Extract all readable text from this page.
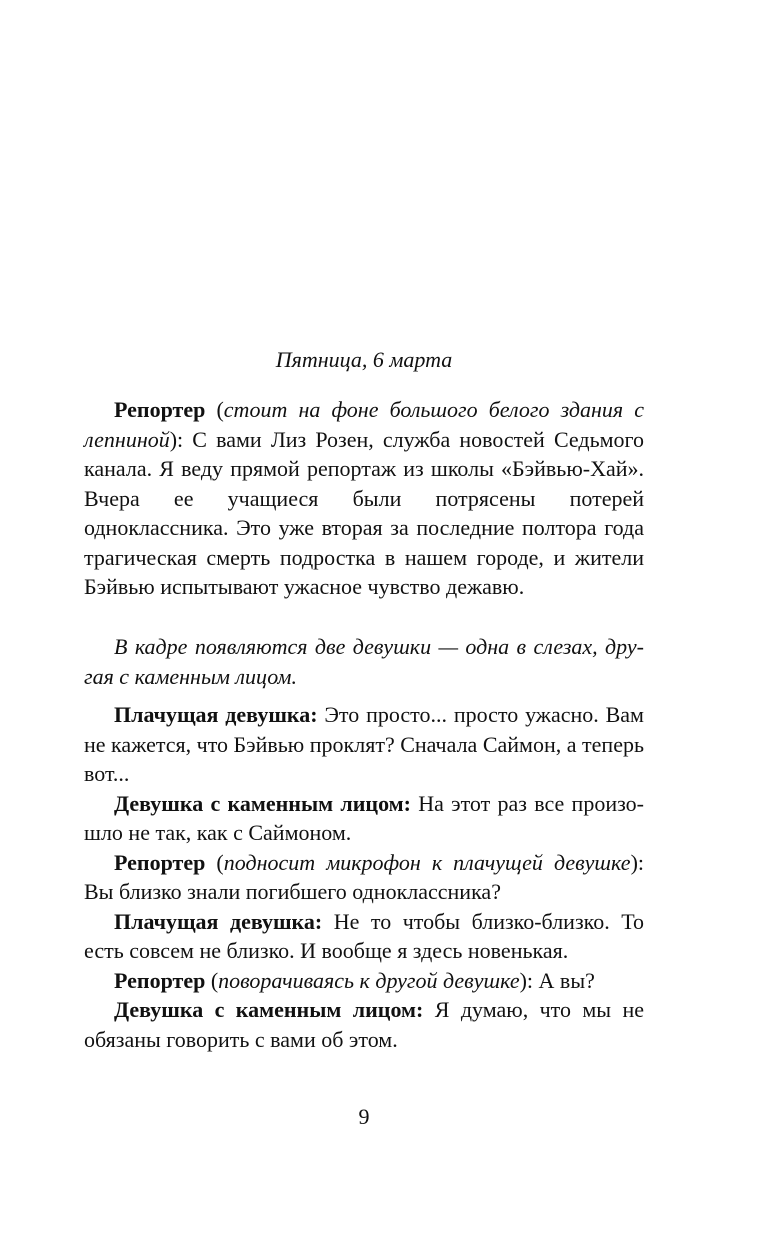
Пятница, 6 марта

Репортер (стоит на фоне большого белого здания с лепниной): С вами Лиз Розен, служба новостей Седьмого канала. Я веду прямой репортаж из школы «Бэйвью-Хай». Вчера ее учащиеся были потрясены потерей одноклассника. Это уже вторая за последние полтора года трагическая смерть подростка в нашем городе, и жители Бэйвью испытывают ужасное чувство дежавю.

В кадре появляются две девушки — одна в слезах, другая с каменным лицом.

Плачущая девушка: Это просто... просто ужасно. Вам не кажется, что Бэйвью проклят? Сначала Саймон, а теперь вот...

Девушка с каменным лицом: На этот раз все произошло не так, как с Саймоном.

Репортер (подносит микрофон к плачущей девушке): Вы близко знали погибшего одноклассника?

Плачущая девушка: Не то чтобы близко-близко. То есть совсем не близко. И вообще я здесь новенькая.

Репортер (поворачиваясь к другой девушке): А вы?

Девушка с каменным лицом: Я думаю, что мы не обязаны говорить с вами об этом.

9
